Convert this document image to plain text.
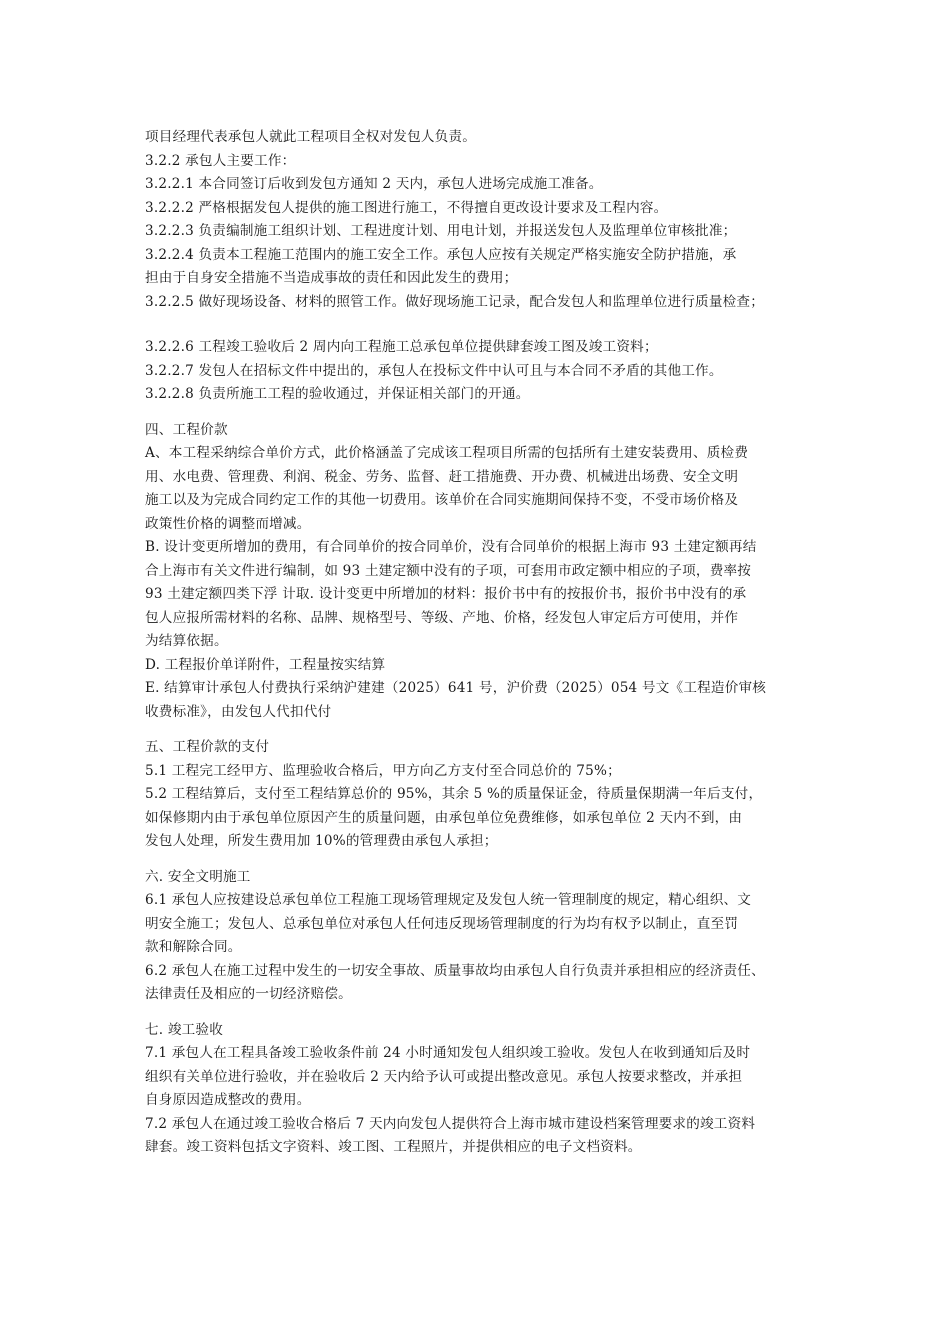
项目经理代表承包人就此工程项目全权对发包人负责。
3.2.2 承包人主要工作：
3.2.2.1 本合同签订后收到发包方通知 2 天内，承包人进场完成施工准备。
3.2.2.2 严格根据发包人提供的施工图进行施工，不得擅自更改设计要求及工程内容。
3.2.2.3 负责编制施工组织计划、工程进度计划、用电计划，并报送发包人及监理单位审核批准；
3.2.2.4 负责本工程施工范围内的施工安全工作。承包人应按有关规定严格实施安全防护措施，承
担由于自身安全措施不当造成事故的责任和因此发生的费用；
3.2.2.5 做好现场设备、材料的照管工作。做好现场施工记录，配合发包人和监理单位进行质量检查；
3.2.2.6 工程竣工验收后 2 周内向工程施工总承包单位提供肆套竣工图及竣工资料；
3.2.2.7 发包人在招标文件中提出的，承包人在投标文件中认可且与本合同不矛盾的其他工作。
3.2.2.8 负责所施工工程的验收通过，并保证相关部门的开通。
四、工程价款
A、本工程采纳综合单价方式，此价格涵盖了完成该工程项目所需的包括所有土建安装费用、质检费
用、水电费、管理费、利润、税金、劳务、监督、赶工措施费、开办费、机械进出场费、安全文明
施工以及为完成合同约定工作的其他一切费用。该单价在合同实施期间保持不变，不受市场价格及
政策性价格的调整而增减。
B. 设计变更所增加的费用，有合同单价的按合同单价，没有合同单价的根据上海市 93 土建定额再结
合上海市有关文件进行编制，如 93 土建定额中没有的子项，可套用市政定额中相应的子项，费率按
93 土建定额四类下浮 计取. 设计变更中所增加的材料：报价书中有的按报价书，报价书中没有的承
包人应报所需材料的名称、品牌、规格型号、等级、产地、价格，经发包人审定后方可使用，并作
为结算依据。
D. 工程报价单详附件，工程量按实结算
E. 结算审计承包人付费执行采纳沪建建（2025）641 号，沪价费（2025）054 号文《工程造价审核
收费标准》，由发包人代扣代付
五、工程价款的支付
5.1 工程完工经甲方、监理验收合格后，甲方向乙方支付至合同总价的 75%；
5.2 工程结算后，支付至工程结算总价的 95%，其余 5 %的质量保证金，待质量保期满一年后支付，
如保修期内由于承包单位原因产生的质量问题，由承包单位免费维修，如承包单位 2 天内不到，由
发包人处理，所发生费用加 10%的管理费由承包人承担；
六. 安全文明施工
6.1 承包人应按建设总承包单位工程施工现场管理规定及发包人统一管理制度的规定，精心组织、文
明安全施工；发包人、总承包单位对承包人任何违反现场管理制度的行为均有权予以制止，直至罚
款和解除合同。
6.2 承包人在施工过程中发生的一切安全事故、质量事故均由承包人自行负责并承担相应的经济责任、
法律责任及相应的一切经济赔偿。
七. 竣工验收
7.1 承包人在工程具备竣工验收条件前 24 小时通知发包人组织竣工验收。发包人在收到通知后及时
组织有关单位进行验收，并在验收后 2 天内给予认可或提出整改意见。承包人按要求整改，并承担
自身原因造成整改的费用。
7.2 承包人在通过竣工验收合格后 7 天内向发包人提供符合上海市城市建设档案管理要求的竣工资料
肆套。竣工资料包括文字资料、竣工图、工程照片，并提供相应的电子文档资料。
